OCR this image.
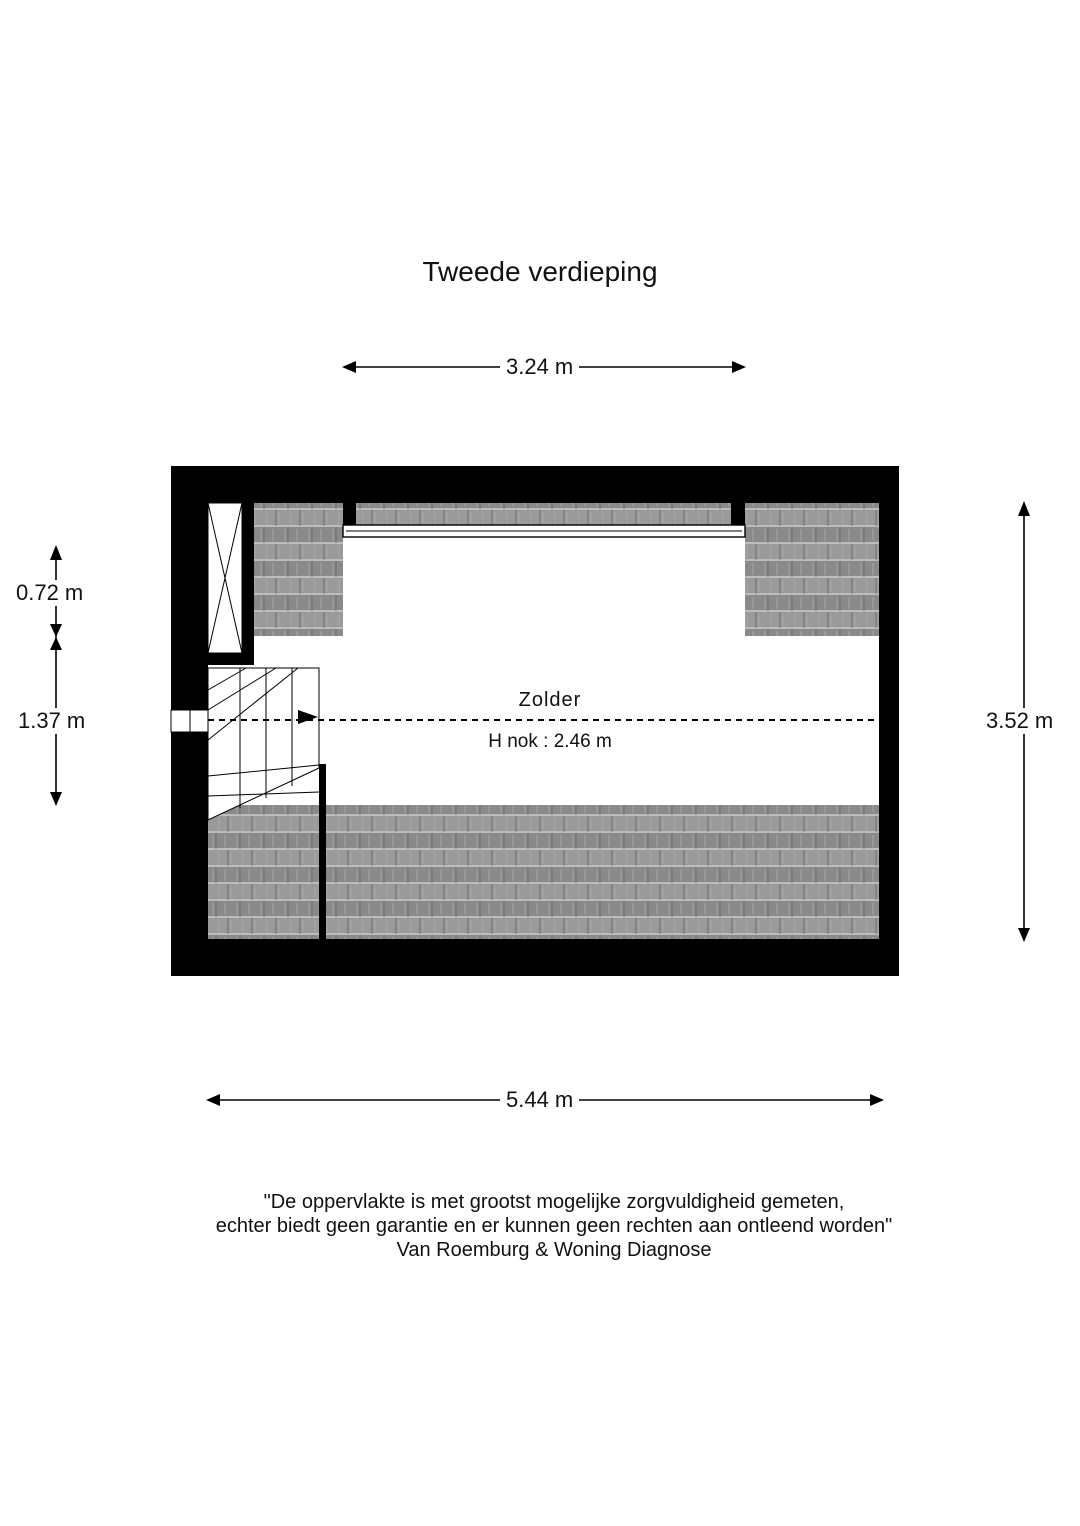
Tweede verdieping
3.24 m
5.44 m
0.72 m
1.37 m	3.52 m
Zolder
H nok : 2.46 m
"De oppervlakte is met grootst mogelijke zorgvuldigheid gemeten,
echter biedt geen garantie en er kunnen geen rechten aan ontleend worden"
Van Roemburg & Woning Diagnose
